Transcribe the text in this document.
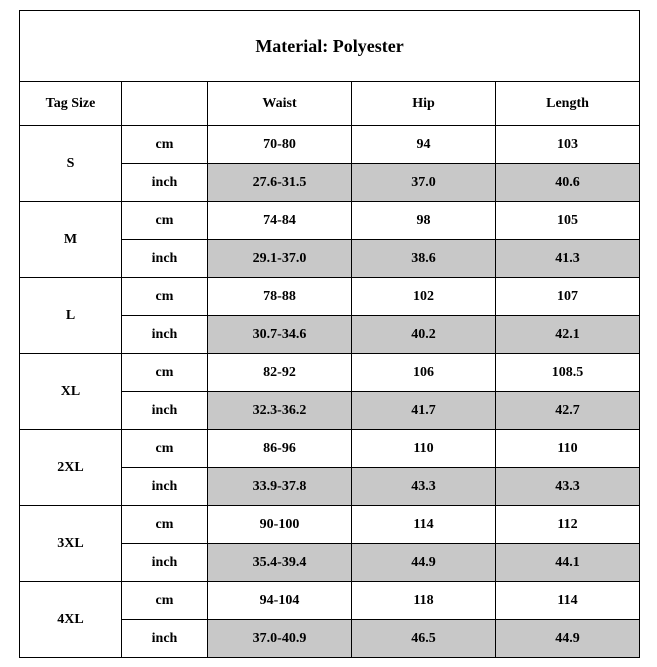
Material: Polyester				
Tag Size		Waist	Hip	Length
S	cm	70-80	94	103
	inch	27.6-31.5	37.0	40.6
M	cm	74-84	98	105
	inch	29.1-37.0	38.6	41.3
L	cm	78-88	102	107
	inch	30.7-34.6	40.2	42.1
XL	cm	82-92	106	108.5
	inch	32.3-36.2	41.7	42.7
2XL	cm	86-96	110	110
	inch	33.9-37.8	43.3	43.3
3XL	cm	90-100	114	112
	inch	35.4-39.4	44.9	44.1
4XL	cm	94-104	118	114
	inch	37.0-40.9	46.5	44.9
